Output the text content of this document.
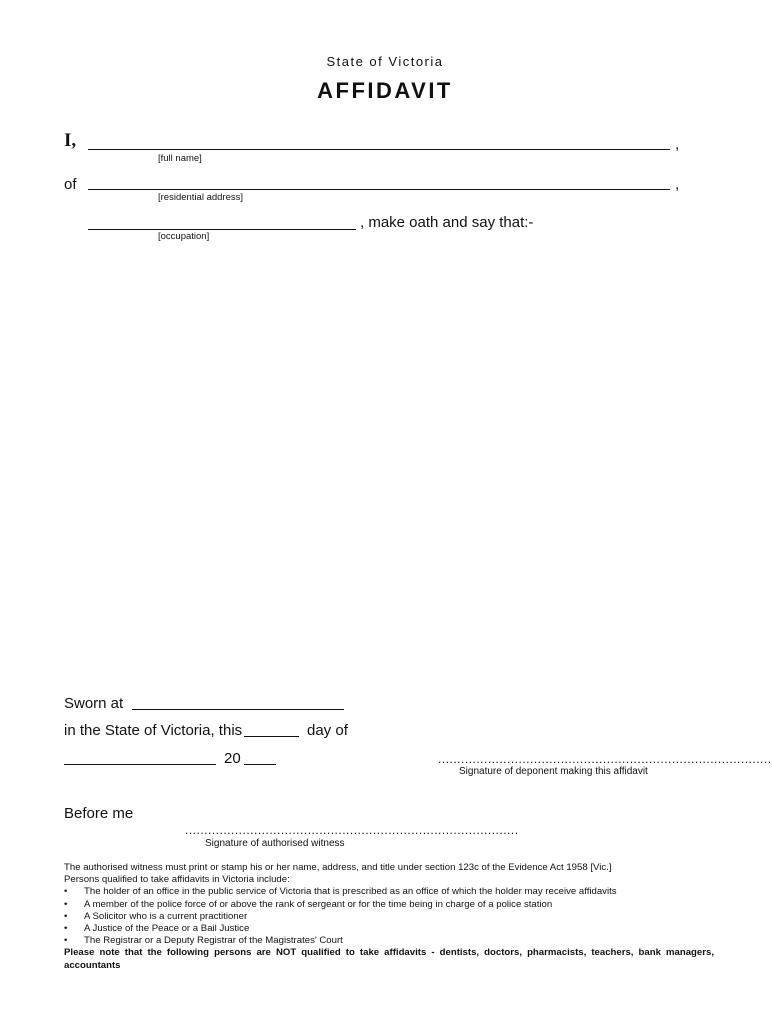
State of Victoria
AFFIDAVIT
I,	,
[full name]
of	,
[residential address]
, make oath and say that:-
[occupation]
Sworn at
in the State of Victoria, this	day of
20	.......................................................................................
Signature of deponent making this affidavit
Before me
.......................................................................................
Signature of authorised witness

The authorised witness must print or stamp his or her name, address, and title under section 123c of the Evidence Act 1958 [Vic.]

Persons qualified to take affidavits in Victoria include:

• The holder of an office in the public service of Victoria that is prescribed as an office of which the holder may receive affidavits
• A member of the police force of or above the rank of sergeant or for the time being in charge of a police station
• A Solicitor who is a current practitioner
• A Justice of the Peace or a Bail Justice
• The Registrar or a Deputy Registrar of the Magistrates' Court

Please note that the following persons are NOT qualified to take affidavits - dentists, doctors, pharmacists, teachers, bank managers, accountants
